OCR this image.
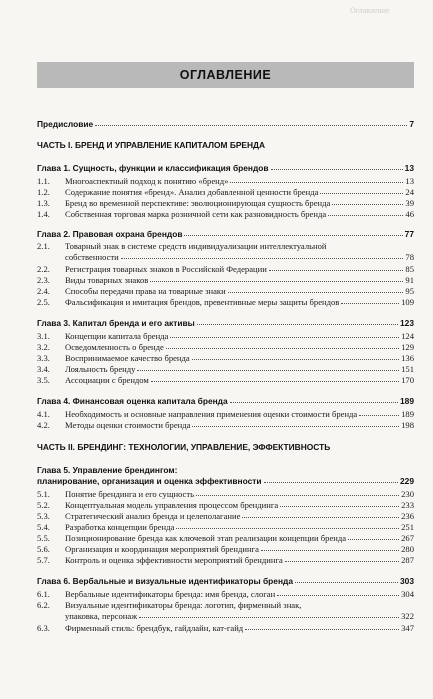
Оглавление
ОГЛАВЛЕНИЕ
Предисловие	7
ЧАСТЬ I. БРЕНД И УПРАВЛЕНИЕ КАПИТАЛОМ БРЕНДА
Глава 1. Сущность, функции и классификация брендов	13
1.1. Многоаспектный подход к понятию «бренд»	13
1.2. Содержание понятия «бренд». Анализ добавленной ценности бренда	24
1.3. Бренд во временной перспективе: эволюционирующая сущность бренда	39
1.4. Собственная торговая марка розничной сети как разновидность бренда	46
Глава 2. Правовая охрана брендов	77
2.1. Товарный знак в системе средств индивидуализации интеллектуальной
собственности	78
2.2. Регистрация товарных знаков в Российской Федерации	85
2.3. Виды товарных знаков	91
2.4. Способы передачи права на товарные знаки	95
2.5. Фальсификация и имитация брендов, превентивные меры защиты брендов	109
Глава 3. Капитал бренда и его активы	123
3.1. Концепции капитала бренда	124
3.2. Осведомленность о бренде	129
3.3. Воспринимаемое качество бренда	136
3.4. Лояльность бренду	151
3.5. Ассоциации с брендом	170
Глава 4. Финансовая оценка капитала бренда	189
4.1. Необходимость и основные направления применения оценки стоимости бренда	189
4.2. Методы оценки стоимости бренда	198
ЧАСТЬ II. БРЕНДИНГ: ТЕХНОЛОГИИ, УПРАВЛЕНИЕ, ЭФФЕКТИВНОСТЬ
Глава 5. Управление брендингом:
планирование, организация и оценка эффективности	229
5.1. Понятие брендинга и его сущность	230
5.2. Концептуальная модель управления процессом брендинга	233
5.3. Стратегический анализ бренда и целеполагание	236
5.4. Разработка концепции бренда	251
5.5. Позиционирование бренда как ключевой этап реализации концепции бренда	267
5.6. Организация и координация мероприятий брендинга	280
5.7. Контроль и оценка эффективности мероприятий брендинга	287
Глава 6. Вербальные и визуальные идентификаторы бренда	303
6.1. Вербальные идентификаторы бренда: имя бренда, слоган	304
6.2. Визуальные идентификаторы бренда: логотип, фирменный знак,
упаковка, персонаж	322
6.3. Фирменный стиль: брендбук, гайдлайн, кат-гайд	347
